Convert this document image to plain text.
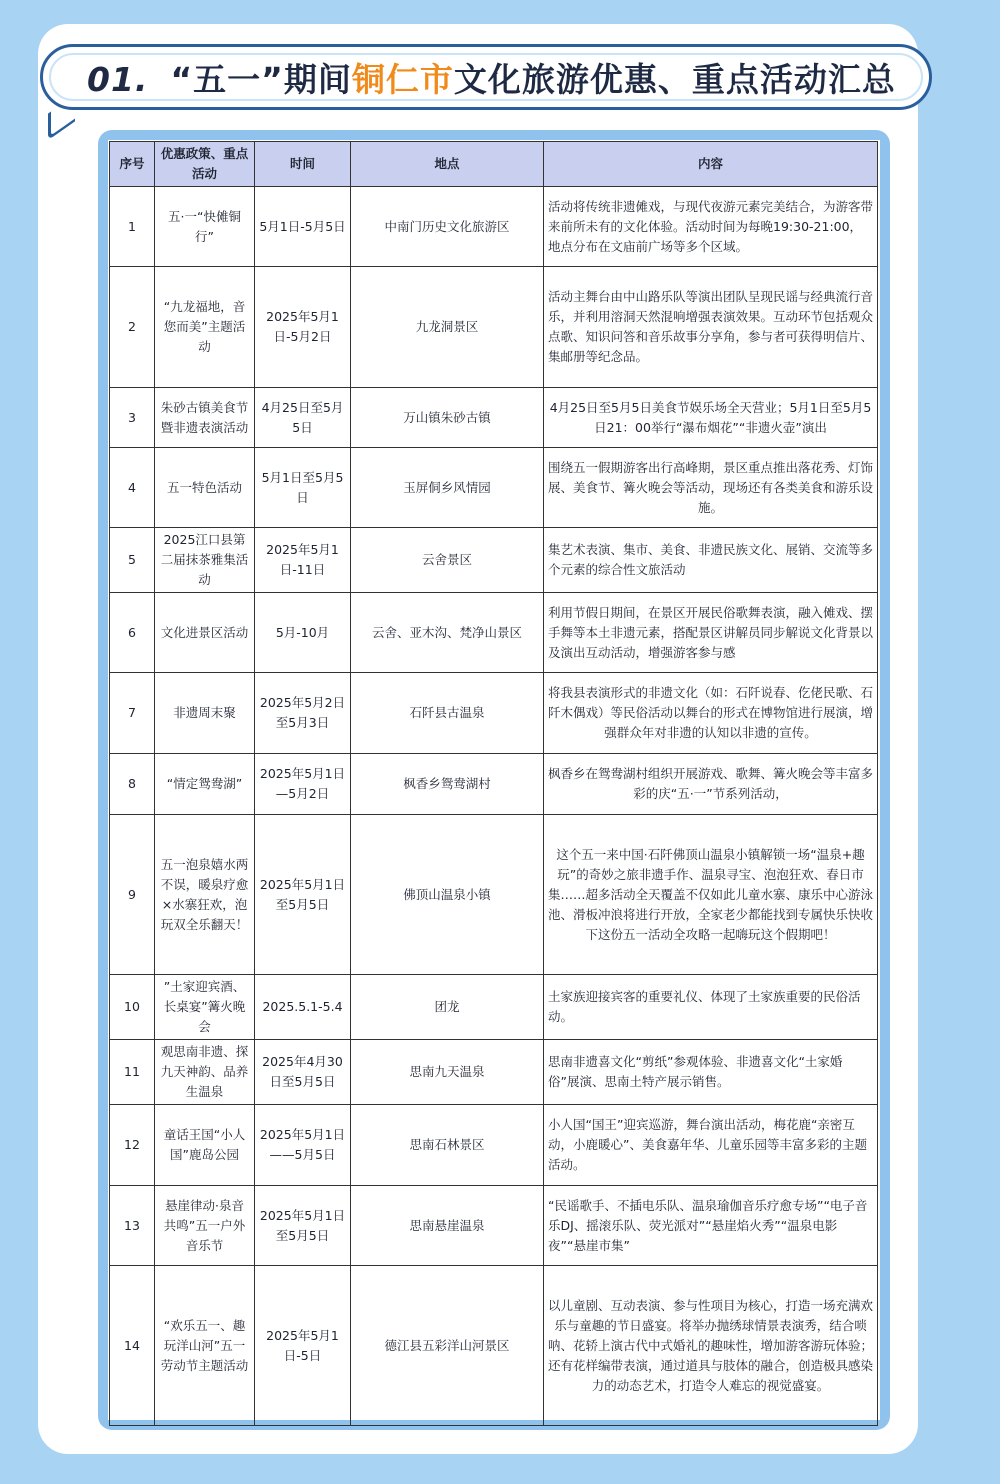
01. “五一”期间铜仁市文化旅游优惠、重点活动汇总
序号	优惠政策、重点活动	时间	地点	内容
1	五·一“快傩铜行”	5月1日-5月5日	中南门历史文化旅游区	活动将传统非遗傩戏，与现代夜游元素完美结合，为游客带来前所未有的文化体验。活动时间为每晚19:30-21:00，地点分布在文庙前广场等多个区域。
2	“九龙福地，音您而美”主题活动	2025年5月1日-5月2日	九龙洞景区	活动主舞台由中山路乐队等演出团队呈现民谣与经典流行音乐，并利用溶洞天然混响增强表演效果。互动环节包括观众点歌、知识问答和音乐故事分享角，参与者可获得明信片、集邮册等纪念品。
3	朱砂古镇美食节暨非遗表演活动	4月25日至5月5日	万山镇朱砂古镇	4月25日至5月5日美食节娱乐场全天营业；5月1日至5月5日21：00举行“瀑布烟花”“非遗火壶”演出
4	五一特色活动	5月1日至5月5日	玉屏侗乡风情园	围绕五一假期游客出行高峰期，景区重点推出落花秀、灯饰展、美食节、篝火晚会等活动，现场还有各类美食和游乐设施。
5	2025江口县第二届抹茶雅集活动	2025年5月1日-11日	云舍景区	集艺术表演、集市、美食、非遗民族文化、展销、交流等多个元素的综合性文旅活动
6	文化进景区活动	5月-10月	云舍、亚木沟、梵净山景区	利用节假日期间，在景区开展民俗歌舞表演，融入傩戏、摆手舞等本土非遗元素，搭配景区讲解员同步解说文化背景以及演出互动活动，增强游客参与感
7	非遗周末聚	2025年5月2日至5月3日	石阡县古温泉	将我县表演形式的非遗文化（如：石阡说春、仡佬民歌、石阡木偶戏）等民俗活动以舞台的形式在博物馆进行展演，增强群众年对非遗的认知以非遗的宣传。
8	“情定鸳鸯湖”	2025年5月1日—5月2日	枫香乡鸳鸯湖村	枫香乡在鸳鸯湖村组织开展游戏、歌舞、篝火晚会等丰富多彩的庆“五·一”节系列活动，
9	五一泡泉嬉水两不误，暖泉疗愈×水寨狂欢，泡玩双全乐翻天！	2025年5月1日至5月5日	佛顶山温泉小镇	这个五一来中国·石阡佛顶山温泉小镇解锁一场“温泉+趣玩”的奇妙之旅非遗手作、温泉寻宝、泡泡狂欢、春日市集……超多活动全天覆盖不仅如此儿童水寨、康乐中心游泳池、滑板冲浪将进行开放，全家老少都能找到专属快乐快收下这份五一活动全攻略一起嗨玩这个假期吧！
10	”土家迎宾酒、长桌宴”篝火晚会	2025.5.1-5.4	团龙	土家族迎接宾客的重要礼仪、体现了土家族重要的民俗活动。
11	观思南非遗、探九天神韵、品养生温泉	2025年4月30日至5月5日	思南九天温泉	思南非遗喜文化“剪纸”参观体验、非遗喜文化“土家婚俗”展演、思南土特产展示销售。
12	童话王国“小人国”鹿岛公园	2025年5月1日——5月5日	思南石林景区	小人国“国王”迎宾巡游，舞台演出活动，梅花鹿“亲密互动，小鹿暖心”、美食嘉年华、儿童乐园等丰富多彩的主题活动。
13	悬崖律动·泉音共鸣”五一户外音乐节	2025年5月1日至5月5日	思南悬崖温泉	“民谣歌手、不插电乐队、温泉瑜伽音乐疗愈专场”“电子音乐DJ、摇滚乐队、荧光派对”“悬崖焰火秀”“温泉电影夜”“悬崖市集”
14	“欢乐五一、趣玩洋山河”五一劳动节主题活动	2025年5月1日-5日	德江县五彩洋山河景区	以儿童剧、互动表演、参与性项目为核心，打造一场充满欢乐与童趣的节日盛宴。将举办抛绣球情景表演秀，结合唢呐、花轿上演古代中式婚礼的趣味性，增加游客游玩体验；还有花样编带表演，通过道具与肢体的融合，创造极具感染力的动态艺术，打造令人难忘的视觉盛宴。
